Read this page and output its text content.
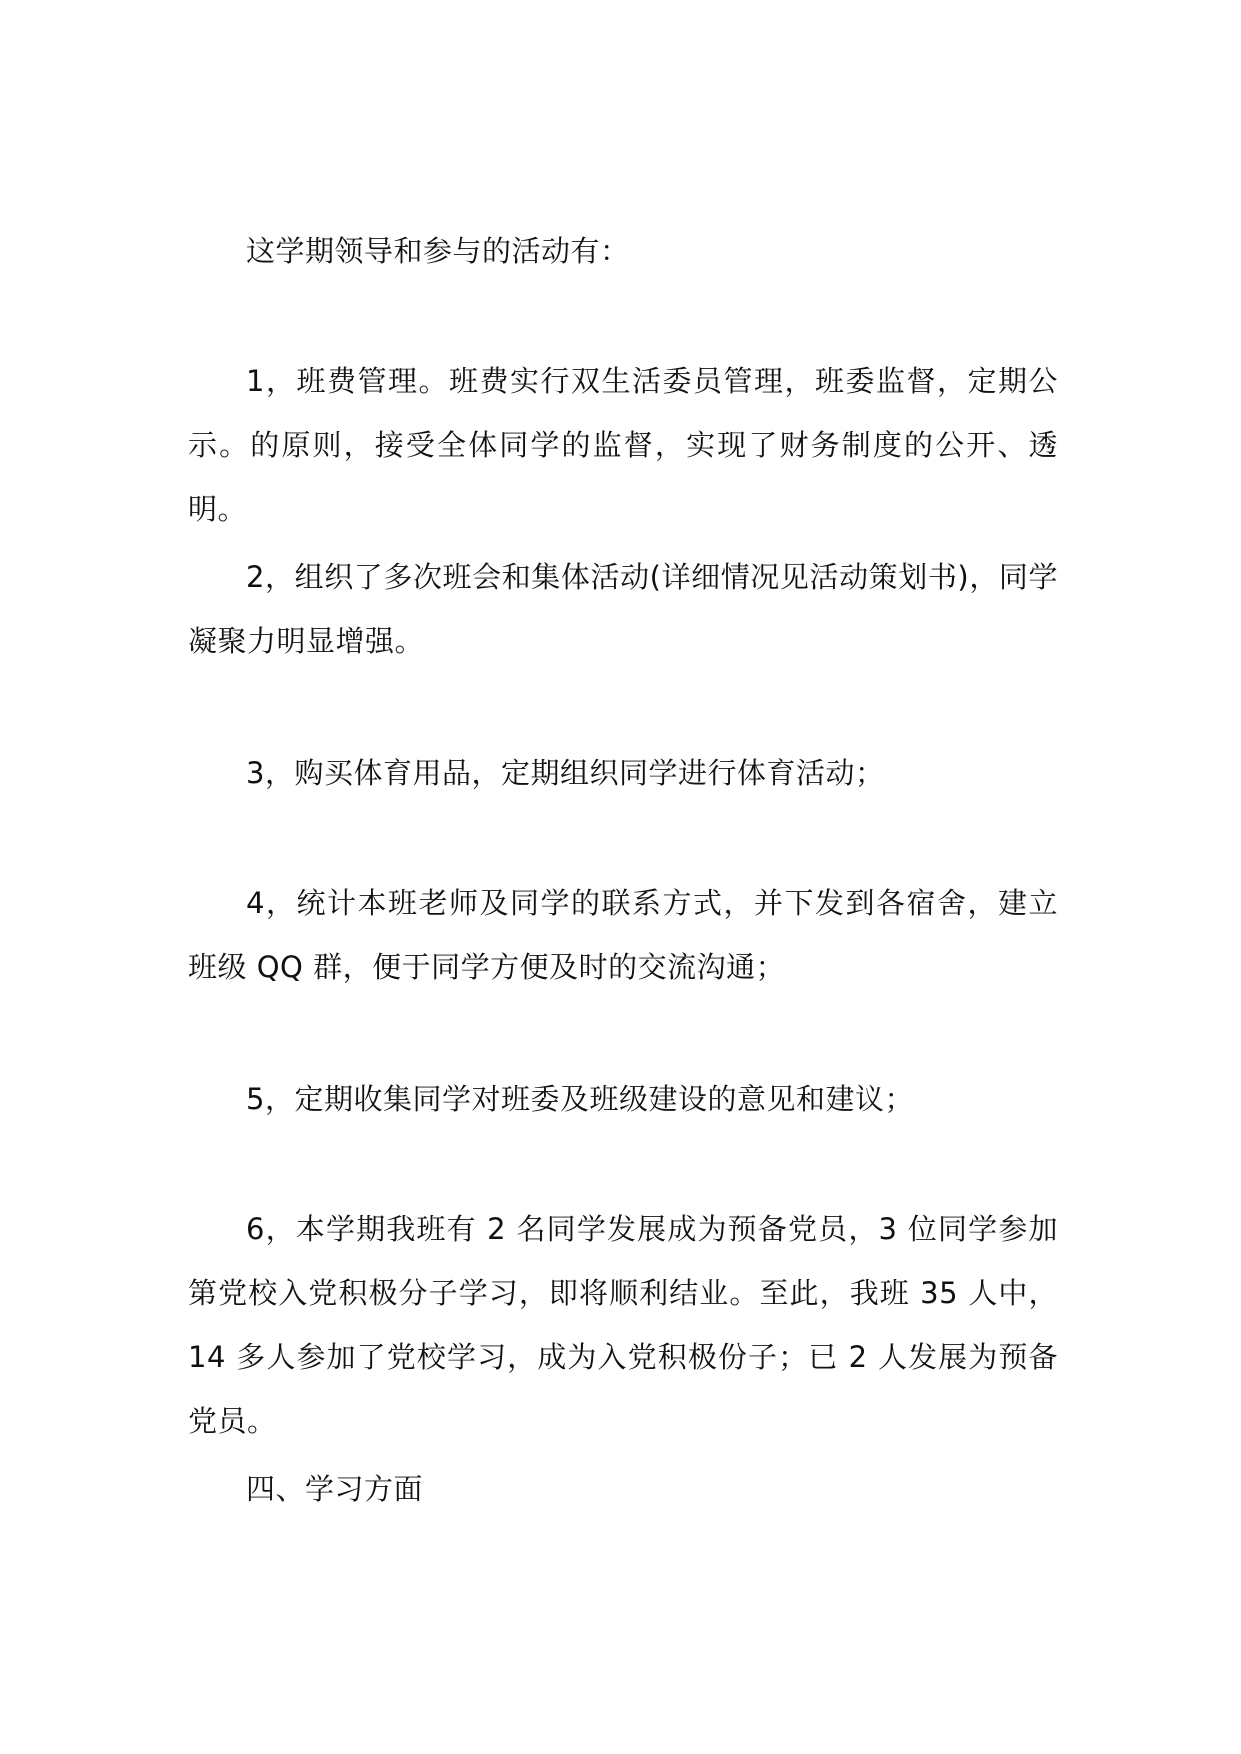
这学期领导和参与的活动有：

1，班费管理。班费实行双生活委员管理，班委监督，定期公示。的原则，接受全体同学的监督，实现了财务制度的公开、透明。

2，组织了多次班会和集体活动(详细情况见活动策划书)，同学凝聚力明显增强。

3，购买体育用品，定期组织同学进行体育活动；

4，统计本班老师及同学的联系方式，并下发到各宿舍，建立班级 QQ 群，便于同学方便及时的交流沟通；

5，定期收集同学对班委及班级建设的意见和建议；

6，本学期我班有 2 名同学发展成为预备党员，3 位同学参加第党校入党积极分子学习，即将顺利结业。至此，我班 35 人中，14 多人参加了党校学习，成为入党积极份子；已 2 人发展为预备党员。

四、学习方面
